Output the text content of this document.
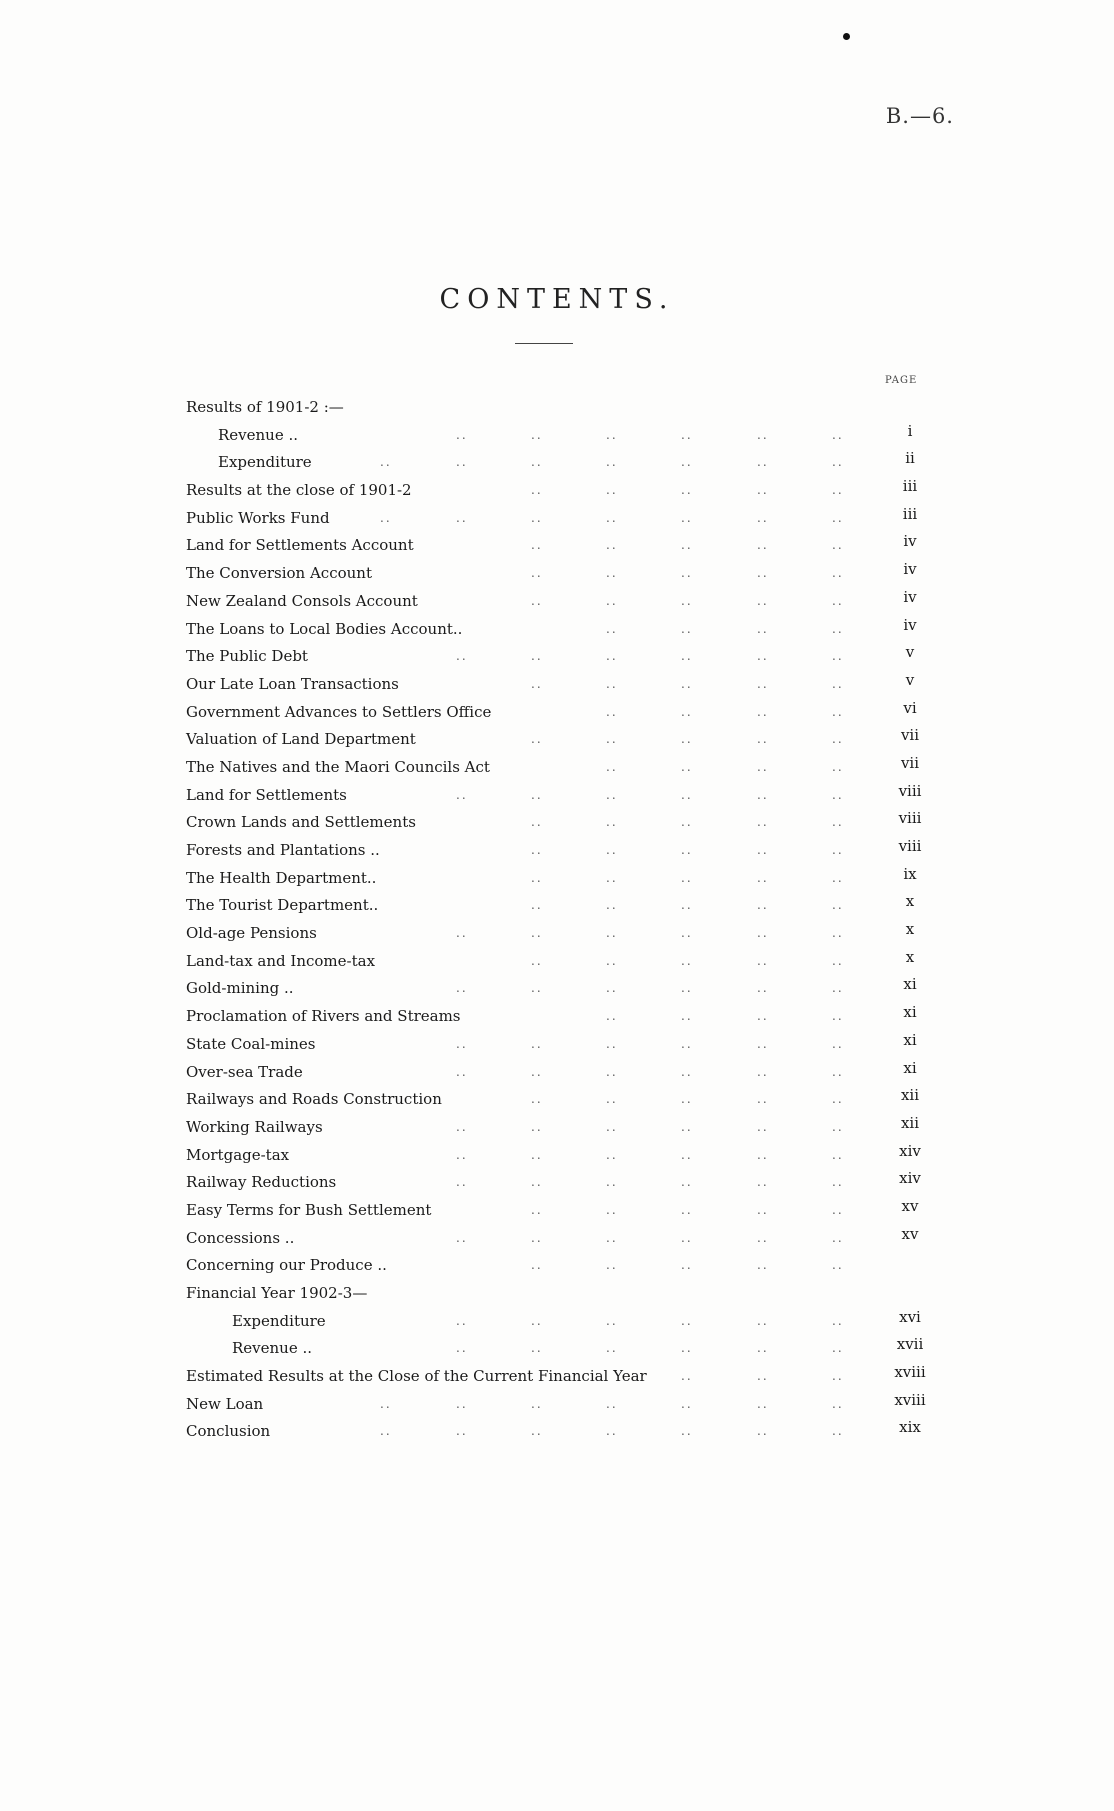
B.—6.
CONTENTS.
PAGE
Results of 1901-2 :—
Revenue ..	..	..	..	..	..	..	i
Expenditure	..	..	..	..	..	..	..	ii
Results at the close of 1901-2	..	..	..	..	..	iii
Public Works Fund	..	..	..	..	..	..	..	iii
Land for Settlements Account	..	..	..	..	..	iv
The Conversion Account	..	..	..	..	..	iv
New Zealand Consols Account	..	..	..	..	..	iv
The Loans to Local Bodies Account..	..	..	..	..	iv
The Public Debt	..	..	..	..	..	..	v
Our Late Loan Transactions	..	..	..	..	..	v
Government Advances to Settlers Office	..	..	..	..	vi
Valuation of Land Department	..	..	..	..	..	vii
The Natives and the Maori Councils Act	..	..	..	..	vii
Land for Settlements	..	..	..	..	..	..	viii
Crown Lands and Settlements	..	..	..	..	..	viii
Forests and Plantations ..	..	..	..	..	..	viii
The Health Department..	..	..	..	..	..	ix
The Tourist Department..	..	..	..	..	..	x
Old-age Pensions	..	..	..	..	..	..	x
Land-tax and Income-tax	..	..	..	..	..	x
Gold-mining ..	..	..	..	..	..	..	xi
Proclamation of Rivers and Streams	..	..	..	..	xi
State Coal-mines	..	..	..	..	..	..	xi
Over-sea Trade	..	..	..	..	..	..	xi
Railways and Roads Construction	..	..	..	..	..	xii
Working Railways	..	..	..	..	..	..	xii
Mortgage-tax	..	..	..	..	..	..	xiv
Railway Reductions	..	..	..	..	..	..	xiv
Easy Terms for Bush Settlement	..	..	..	..	..	xv
Concessions ..	..	..	..	..	..	..	xv
Concerning our Produce ..	..	..	..	..	..
Financial Year 1902-3—
Expenditure	..	..	..	..	..	..	xvi
Revenue ..	..	..	..	..	..	..	xvii
Estimated Results at the Close of the Current Financial Year	..	..	..	xviii
New Loan	..	..	..	..	..	..	..	xviii
Conclusion	..	..	..	..	..	..	..	xix
